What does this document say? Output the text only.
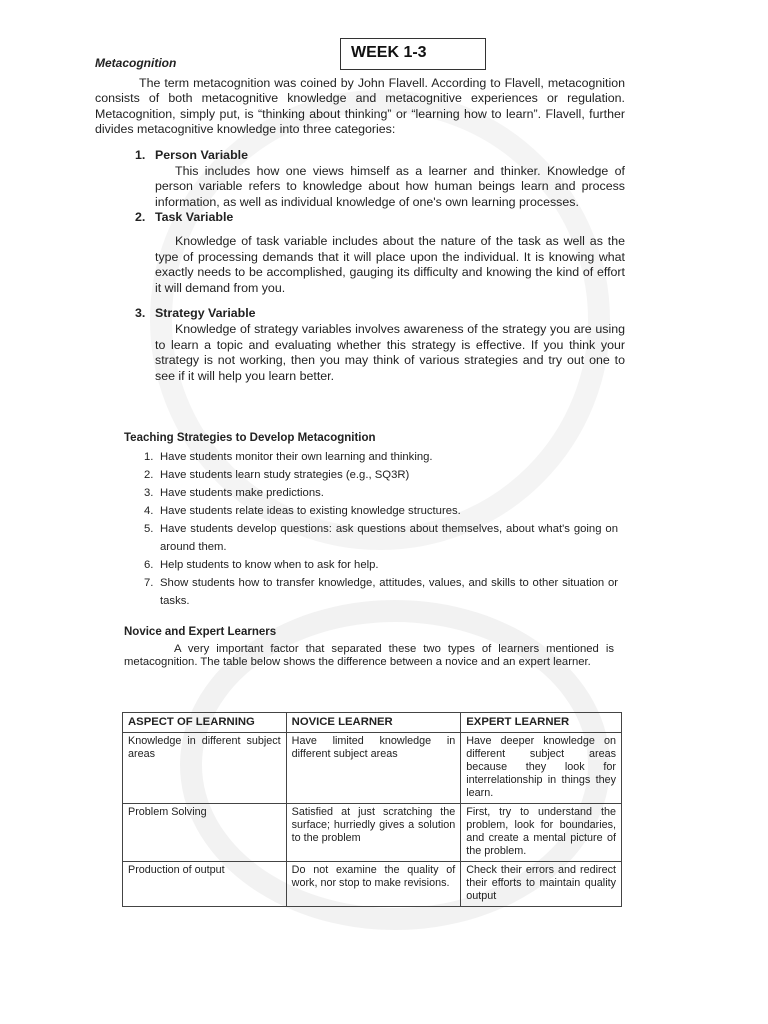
WEEK 1-3
Metacognition

The term metacognition was coined by John Flavell. According to Flavell, metacognition consists of both metacognitive knowledge and metacognitive experiences or regulation. Metacognition, simply put, is “thinking about thinking” or “learning how to learn”. Flavell, further divides metacognitive knowledge into three categories:

1. Person Variable

This includes how one views himself as a learner and thinker. Knowledge of person variable refers to knowledge about how human beings learn and process information, as well as individual knowledge of one's own learning processes.

2. Task Variable

Knowledge of task variable includes about the nature of the task as well as the type of processing demands that it will place upon the individual. It is knowing what exactly needs to be accomplished, gauging its difficulty and knowing the kind of effort it will demand from you.

3. Strategy Variable

Knowledge of strategy variables involves awareness of the strategy you are using to learn a topic and evaluating whether this strategy is effective. If you think your strategy is not working, then you may think of various strategies and try out one to see if it will help you learn better.

Teaching Strategies to Develop Metacognition
1. Have students monitor their own learning and thinking.
2. Have students learn study strategies (e.g., SQ3R)
3. Have students make predictions.
4. Have students relate ideas to existing knowledge structures.
5. Have students develop questions: ask questions about themselves, about what's going on around them.
6. Help students to know when to ask for help.
7. Show students how to transfer knowledge, attitudes, values, and skills to other situation or tasks.
Novice and Expert Learners

A very important factor that separated these two types of learners mentioned is metacognition. The table below shows the difference between a novice and an expert learner.

ASPECT OF LEARNING	NOVICE LEARNER	EXPERT LEARNER
Knowledge in different subject areas	Have limited knowledge in different subject areas	Have deeper knowledge on different subject areas because they look for interrelationship in things they learn.
Problem Solving	Satisfied at just scratching the surface; hurriedly gives a solution to the problem	First, try to understand the problem, look for boundaries, and create a mental picture of the problem.
Production of output	Do not examine the quality of work, nor stop to make revisions.	Check their errors and redirect their efforts to maintain quality output
